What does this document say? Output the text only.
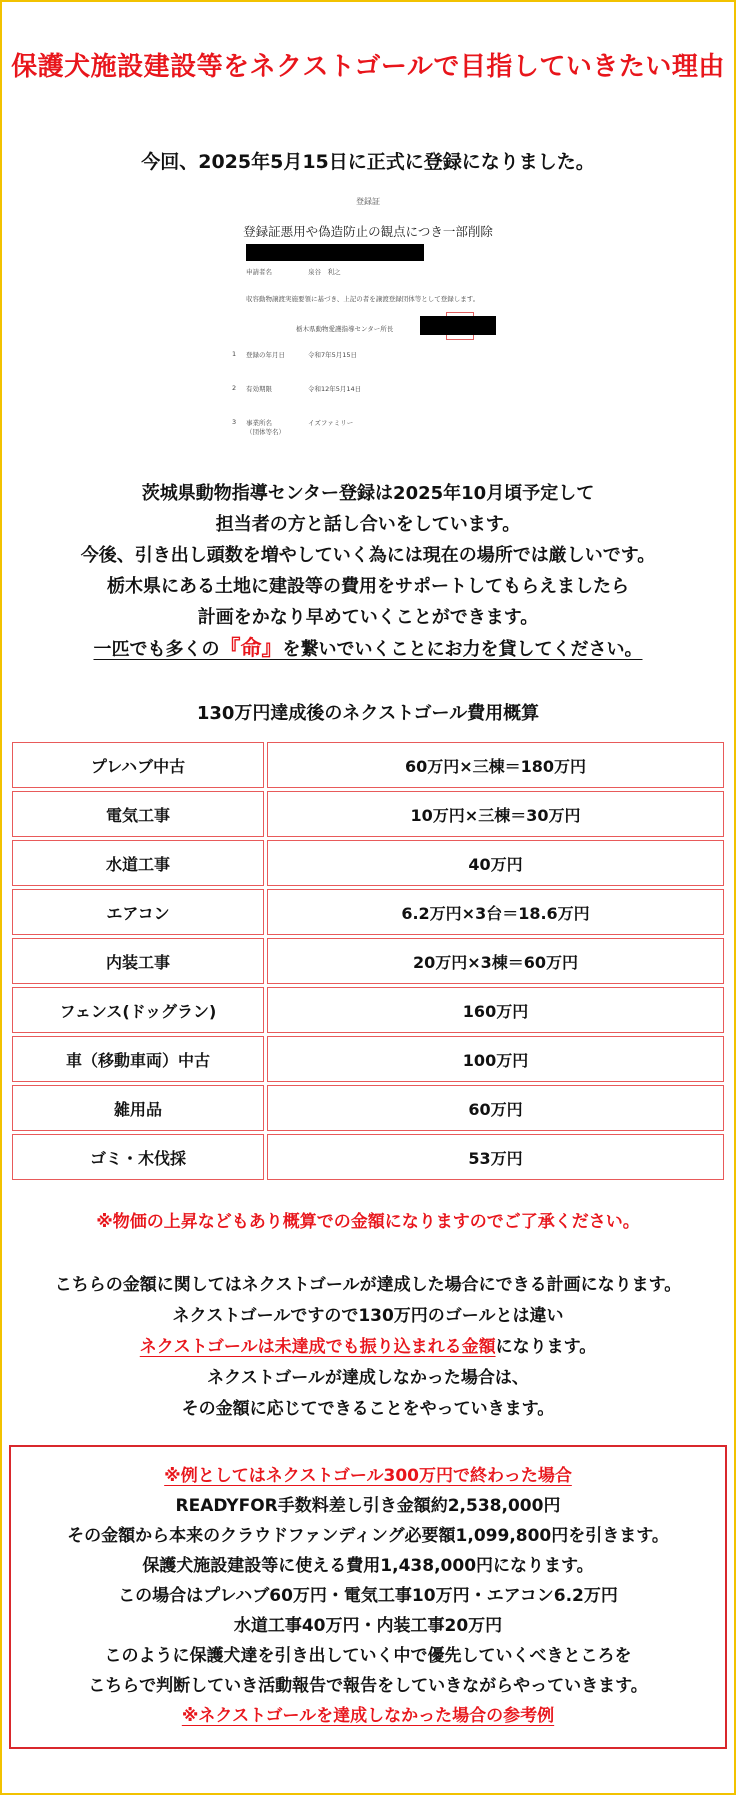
保護犬施設建設等をネクストゴールで目指していきたい理由
今回、2025年5月15日に正式に登録になりました。
登録証
登録証悪用や偽造防止の観点につき一部削除
申請者名	泉谷　利之
収容動物譲渡実施要領に基づき、上記の者を譲渡登録団体等として登録します。
栃木県動物愛護指導センター所長
1 登録の年月日	令和7年5月15日
2 有効期限	令和12年5月14日
3 事業所名
（団体等名）
イズファミリー
茨城県動物指導センター登録は2025年10月頃予定して
担当者の方と話し合いをしています。
今後、引き出し頭数を増やしていく為には現在の場所では厳しいです。
栃木県にある土地に建設等の費用をサポートしてもらえましたら
計画をかなり早めていくことができます。
一匹でも多くの『命』を繋いでいくことにお力を貸してください。
130万円達成後のネクストゴール費用概算
プレハブ中古	60万円×三棟＝180万円
電気工事	10万円×三棟＝30万円
水道工事	40万円
エアコン	6.2万円×3台＝18.6万円
内装工事	20万円×3棟＝60万円
フェンス(ドッグラン)	160万円
車（移動車両）中古	100万円
雑用品	60万円
ゴミ・木伐採	53万円
※物価の上昇などもあり概算での金額になりますのでご了承ください。
こちらの金額に関してはネクストゴールが達成した場合にできる計画になります。
ネクストゴールですので130万円のゴールとは違い
ネクストゴールは未達成でも振り込まれる金額になります。
ネクストゴールが達成しなかった場合は、
その金額に応じてできることをやっていきます。
※例としてはネクストゴール300万円で終わった場合
READYFOR手数料差し引き金額約2,538,000円
その金額から本来のクラウドファンディング必要額1,099,800円を引きます。
保護犬施設建設等に使える費用1,438,000円になります。
この場合はプレハブ60万円・電気工事10万円・エアコン6.2万円
水道工事40万円・内装工事20万円
このように保護犬達を引き出していく中で優先していくべきところを
こちらで判断していき活動報告で報告をしていきながらやっていきます。
※ネクストゴールを達成しなかった場合の参考例
